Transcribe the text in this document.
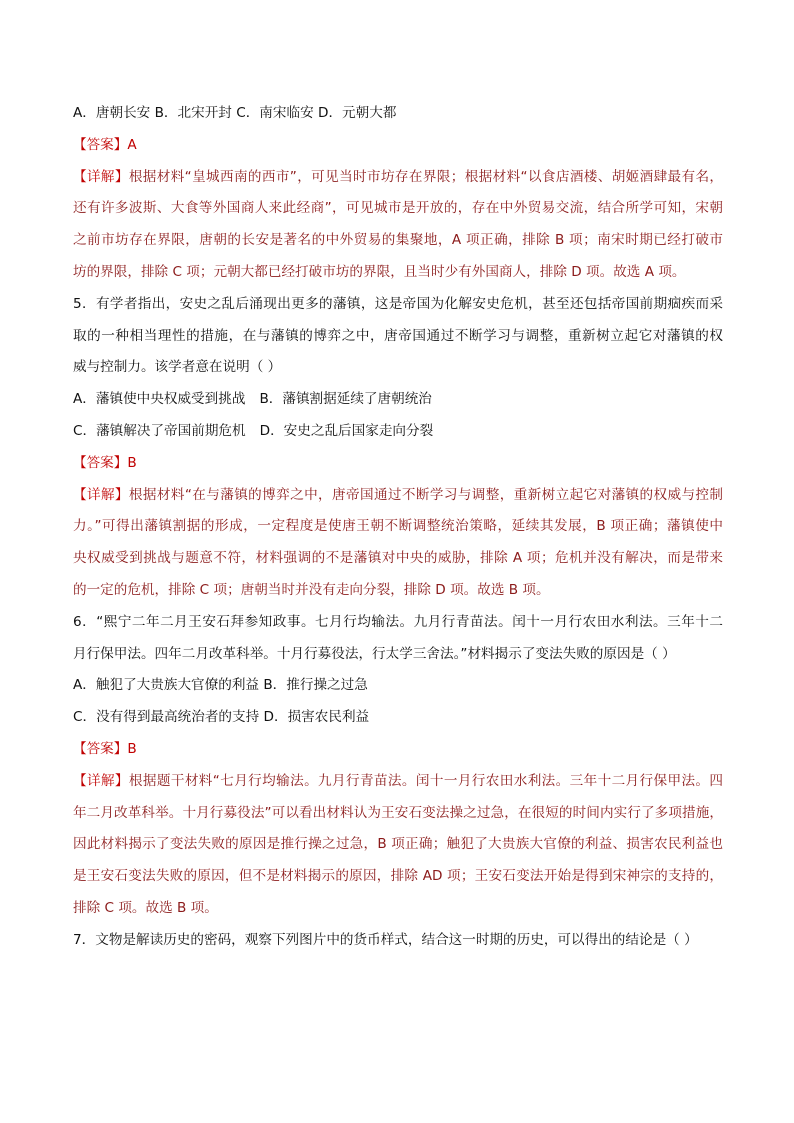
A．唐朝长安 B．北宋开封 C．南宋临安 D．元朝大都
【答案】A
【详解】根据材料“皇城西南的西市”，可见当时市坊存在界限；根据材料“以食店酒楼、胡姬酒肆最有名，
还有许多波斯、大食等外国商人来此经商”，可见城市是开放的，存在中外贸易交流，结合所学可知，宋朝
之前市坊存在界限，唐朝的长安是著名的中外贸易的集聚地，A 项正确，排除 B 项；南宋时期已经打破市
坊的界限，排除 C 项；元朝大都已经打破市坊的界限，且当时少有外国商人，排除 D 项。故选 A 项。
5．有学者指出，安史之乱后涌现出更多的藩镇，这是帝国为化解安史危机，甚至还包括帝国前期痼疾而采
取的一种相当理性的措施，在与藩镇的博弈之中，唐帝国通过不断学习与调整，重新树立起它对藩镇的权
威与控制力。该学者意在说明（ ）
A．藩镇使中央权威受到挑战 B．藩镇割据延续了唐朝统治
C．藩镇解决了帝国前期危机 D．安史之乱后国家走向分裂
【答案】B
【详解】根据材料“在与藩镇的博弈之中，唐帝国通过不断学习与调整，重新树立起它对藩镇的权威与控制
力。”可得出藩镇割据的形成，一定程度是使唐王朝不断调整统治策略，延续其发展，B 项正确；藩镇使中
央权威受到挑战与题意不符，材料强调的不是藩镇对中央的威胁，排除 A 项；危机并没有解决，而是带来
的一定的危机，排除 C 项；唐朝当时并没有走向分裂，排除 D 项。故选 B 项。
6．“熙宁二年二月王安石拜参知政事。七月行均输法。九月行青苗法。闰十一月行农田水利法。三年十二
月行保甲法。四年二月改革科举。十月行募役法，行太学三舍法。”材料揭示了变法失败的原因是（ ）
A．触犯了大贵族大官僚的利益 B．推行操之过急
C．没有得到最高统治者的支持 D．损害农民利益
【答案】B
【详解】根据题干材料“七月行均输法。九月行青苗法。闰十一月行农田水利法。三年十二月行保甲法。四
年二月改革科举。十月行募役法”可以看出材料认为王安石变法操之过急，在很短的时间内实行了多项措施，
因此材料揭示了变法失败的原因是推行操之过急，B 项正确；触犯了大贵族大官僚的利益、损害农民利益也
是王安石变法失败的原因，但不是材料揭示的原因，排除 AD 项；王安石变法开始是得到宋神宗的支持的，
排除 C 项。故选 B 项。
7．文物是解读历史的密码，观察下列图片中的货币样式，结合这一时期的历史，可以得出的结论是（ ）
